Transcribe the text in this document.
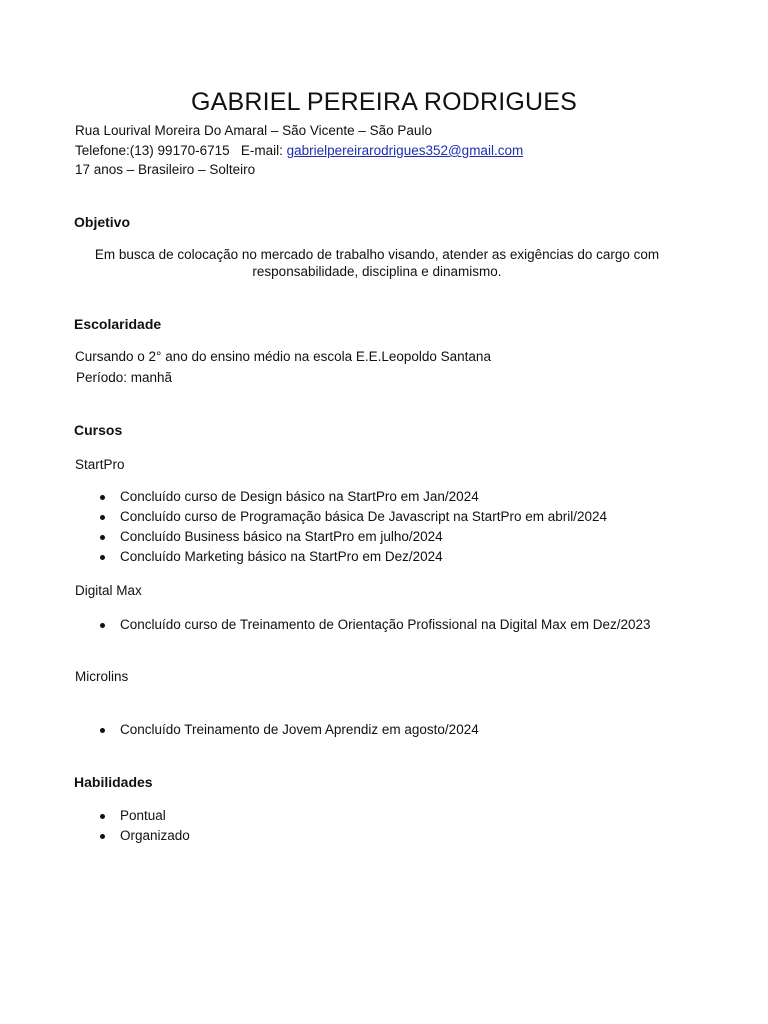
GABRIEL PEREIRA RODRIGUES
Rua Lourival Moreira Do Amaral – São Vicente – São Paulo
Telefone:(13) 99170-6715   E-mail: gabrielpereirarodrigues352@gmail.com
17 anos – Brasileiro – Solteiro
Objetivo
Em busca de colocação no mercado de trabalho visando, atender as exigências do cargo com responsabilidade, disciplina e dinamismo.
Escolaridade
Cursando o 2° ano do ensino médio na escola E.E.Leopoldo Santana
Período: manhã
Cursos
StartPro
Concluído curso de Design básico na StartPro em Jan/2024
Concluído curso de Programação básica De Javascript na StartPro em abril/2024
Concluído Business básico na StartPro em julho/2024
Concluído Marketing básico na StartPro em Dez/2024
Digital Max
Concluído curso de Treinamento de Orientação Profissional na Digital Max em Dez/2023
Microlins
Concluído Treinamento de Jovem Aprendiz em agosto/2024
Habilidades
Pontual
Organizado
